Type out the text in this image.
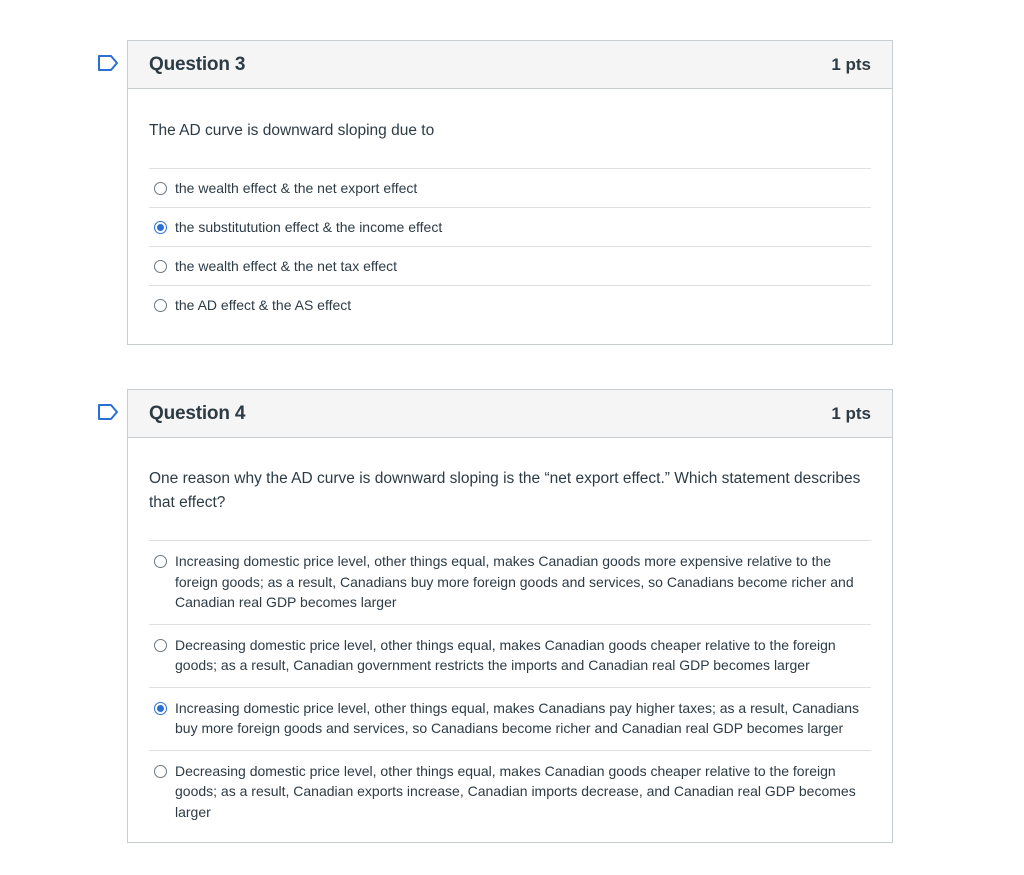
Question 3	1 pts
The AD curve is downward sloping due to
the wealth effect & the net export effect
the substitutution effect & the income effect
the wealth effect & the net tax effect
the AD effect & the AS effect
Question 4	1 pts
One reason why the AD curve is downward sloping is the “net export effect.” Which statement describes that effect?
Increasing domestic price level, other things equal, makes Canadian goods more expensive relative to the foreign goods; as a result, Canadians buy more foreign goods and services, so Canadians become richer and Canadian real GDP becomes larger
Decreasing domestic price level, other things equal, makes Canadian goods cheaper relative to the foreign goods; as a result, Canadian government restricts the imports and Canadian real GDP becomes larger
Increasing domestic price level, other things equal, makes Canadians pay higher taxes; as a result, Canadians buy more foreign goods and services, so Canadians become richer and Canadian real GDP becomes larger
Decreasing domestic price level, other things equal, makes Canadian goods cheaper relative to the foreign goods; as a result, Canadian exports increase, Canadian imports decrease, and Canadian real GDP becomes larger
